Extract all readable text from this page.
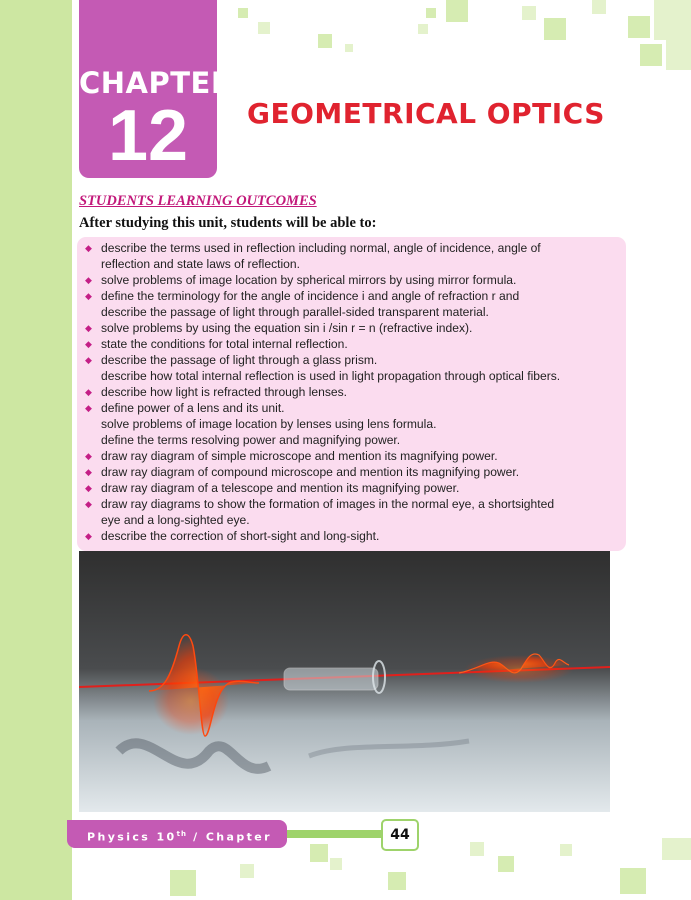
CHAPTER
12	GEOMETRICAL OPTICS
STUDENTS LEARNING OUTCOMES
After studying this unit, students will be able to:
◆ describe the terms used in reflection including normal, angle of incidence, angle of
reflection and state laws of reflection.
◆ solve problems of image location by spherical mirrors by using mirror formula.
◆ define the terminology for the angle of incidence i and angle of refraction r and
describe the passage of light through parallel-sided transparent material.
◆ solve problems by using the equation sin i /sin r = n (refractive index).
◆ state the conditions for total internal reflection.
◆ describe the passage of light through a glass prism.
describe how total internal reflection is used in light propagation through optical fibers.
◆ describe how light is refracted through lenses.
◆ define power of a lens and its unit.
solve problems of image location by lenses using lens formula.
define the terms resolving power and magnifying power.
◆ draw ray diagram of simple microscope and mention its magnifying power.
◆ draw ray diagram of compound microscope and mention its magnifying power.
◆ draw ray diagram of a telescope and mention its magnifying power.
◆ draw ray diagrams to show the formation of images in the normal eye, a shortsighted
eye and a long-sighted eye.
◆ describe the correction of short-sight and long-sight.
Physics 10th / Chapter 12
44
